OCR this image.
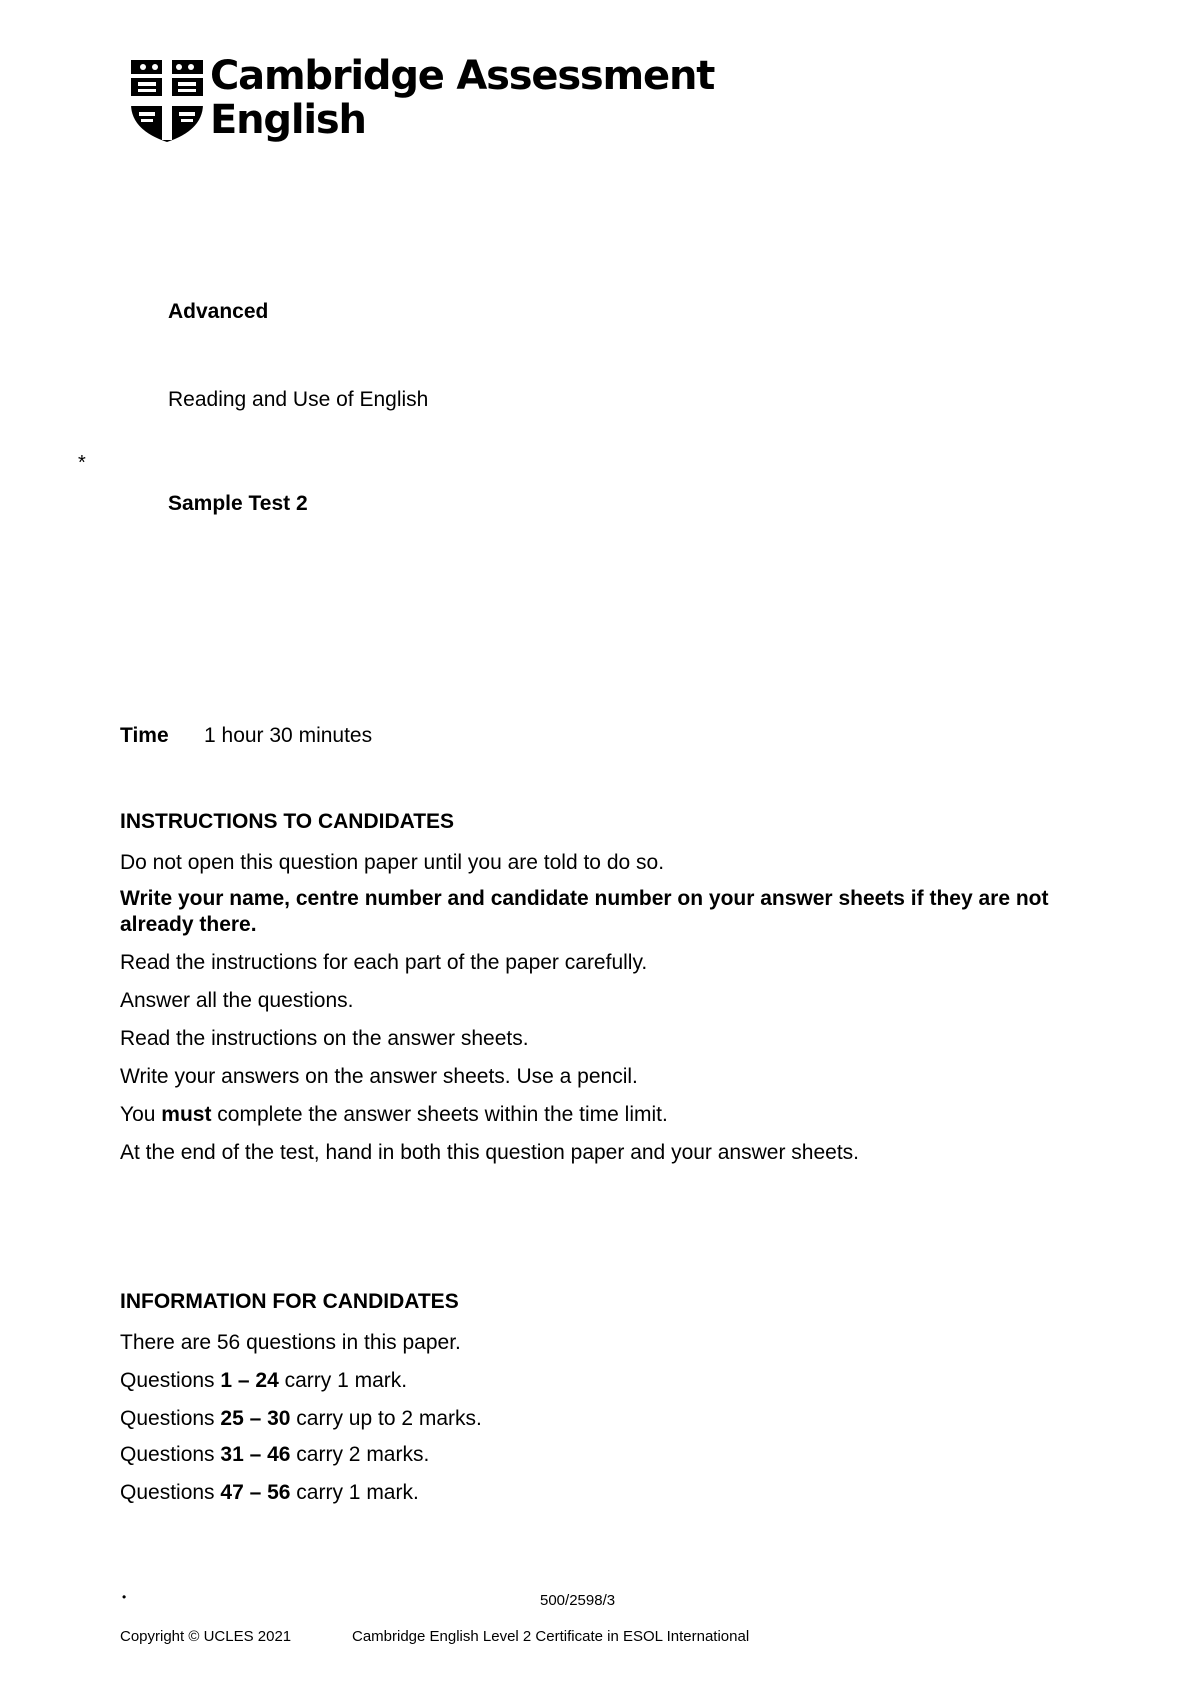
Cambridge Assessment
English
Advanced
Reading and Use of English
*
Sample Test 2
Time 1 hour 30 minutes
INSTRUCTIONS TO CANDIDATES
Do not open this question paper until you are told to do so.
Write your name, centre number and candidate number on your answer sheets if they are not already there.
Read the instructions for each part of the paper carefully.
Answer all the questions.
Read the instructions on the answer sheets.
Write your answers on the answer sheets. Use a pencil.
You must complete the answer sheets within the time limit.
At the end of the test, hand in both this question paper and your answer sheets.
INFORMATION FOR CANDIDATES
There are 56 questions in this paper.
Questions 1 – 24 carry 1 mark.
Questions 25 – 30 carry up to 2 marks.
Questions 31 – 46 carry 2 marks.
Questions 47 – 56 carry 1 mark.
•	500/2598/3
Copyright © UCLES 2021	Cambridge English Level 2 Certificate in ESOL International
